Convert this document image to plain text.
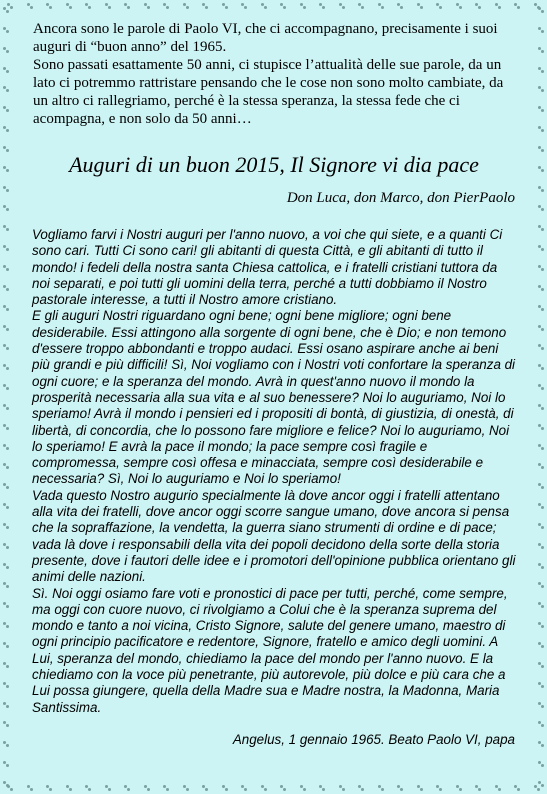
Ancora sono le parole di Paolo VI, che ci accompagnano, precisamente i suoi auguri di “buon anno” del 1965.

Sono passati esattamente 50 anni, ci stupisce l’attualità delle sue parole, da un lato ci potremmo rattristare pensando che le cose non sono molto cambiate, da un altro ci rallegriamo, perché è la stessa speranza, la stessa fede che ci acompagna, e non solo da 50 anni…

Auguri di un buon 2015, Il Signore vi dia pace
Don Luca, don Marco, don PierPaolo

Vogliamo farvi i Nostri auguri per l'anno nuovo, a voi che qui siete, e a quanti Ci sono cari. Tutti Ci sono cari! gli abitanti di questa Città, e gli abitanti di tutto il mondo! i fedeli della nostra santa Chiesa cattolica, e i fratelli cristiani tuttora da noi separati, e poi tutti gli uomini della terra, perché a tutti dobbiamo il Nostro pastorale interesse, a tutti il Nostro amore cristiano.

E gli auguri Nostri riguardano ogni bene; ogni bene migliore; ogni bene desiderabile. Essi attingono alla sorgente di ogni bene, che è Dio; e non temono d'essere troppo abbondanti e troppo audaci. Essi osano aspirare anche ai beni più grandi e più difficili! Sì, Noi vogliamo con i Nostri voti confortare la speranza di ogni cuore; e la speranza del mondo. Avrà in quest'anno nuovo il mondo la prosperità necessaria alla sua vita e al suo benessere? Noi lo auguriamo, Noi lo speriamo! Avrà il mondo i pensieri ed i propositi di bontà, di giustizia, di onestà, di libertà, di concordia, che lo possono fare migliore e felice? Noi lo auguriamo, Noi lo speriamo! E avrà la pace il mondo; la pace sempre così fragile e compromessa, sempre così offesa e minacciata, sempre così desiderabile e necessaria? Sì, Noi lo auguriamo e Noi lo speriamo!

Vada questo Nostro augurio specialmente là dove ancor oggi i fratelli attentano alla vita dei fratelli, dove ancor oggi scorre sangue umano, dove ancora si pensa che la sopraffazione, la vendetta, la guerra siano strumenti di ordine e di pace; vada là dove i responsabili della vita dei popoli decidono della sorte della storia presente, dove i fautori delle idee e i promotori dell'opinione pubblica orientano gli animi delle nazioni.

Sì. Noi oggi osiamo fare voti e pronostici di pace per tutti, perché, come sempre, ma oggi con cuore nuovo, ci rivolgiamo a Colui che è la speranza suprema del mondo e tanto a noi vicina, Cristo Signore, salute del genere umano, maestro di ogni principio pacificatore e redentore, Signore, fratello e amico degli uomini. A Lui, speranza del mondo, chiediamo la pace del mondo per l'anno nuovo. E la chiediamo con la voce più penetrante, più autorevole, più dolce e più cara che a Lui possa giungere, quella della Madre sua e Madre nostra, la Madonna, Maria Santissima.

Angelus, 1 gennaio 1965. Beato Paolo VI, papa
